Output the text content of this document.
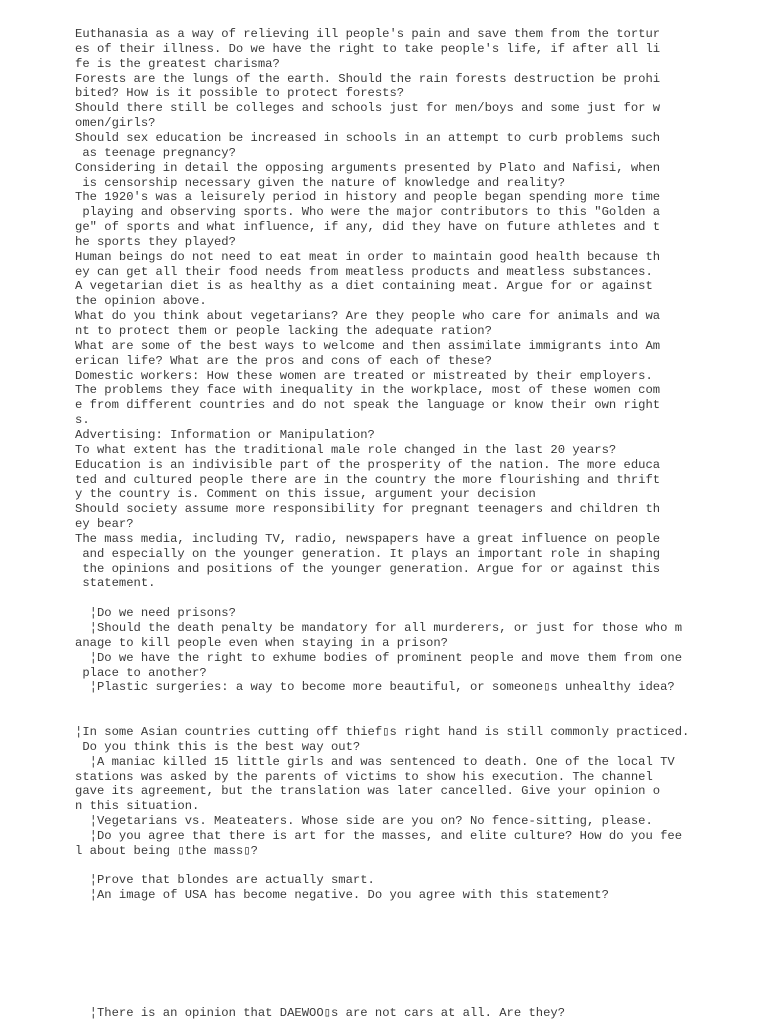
Euthanasia as a way of relieving ill people's pain and save them from the tortur

es of their illness. Do we have the right to take people's life, if after all li

fe is the greatest charisma?

Forests are the lungs of the earth. Should the rain forests destruction be prohi

bited? How is it possible to protect forests?

Should there still be colleges and schools just for men/boys and some just for w

omen/girls?

Should sex education be increased in schools in an attempt to curb problems such

as teenage pregnancy?

Considering in detail the opposing arguments presented by Plato and Nafisi, when

is censorship necessary given the nature of knowledge and reality?

The 1920's was a leisurely period in history and people began spending more time

playing and observing sports. Who were the major contributors to this "Golden a

ge" of sports and what influence, if any, did they have on future athletes and t

he sports they played?

Human beings do not need to eat meat in order to maintain good health because th

ey can get all their food needs from meatless products and meatless substances.

A vegetarian diet is as healthy as a diet containing meat. Argue for or against

the opinion above.

What do you think about vegetarians? Are they people who care for animals and wa

nt to protect them or people lacking the adequate ration?

What are some of the best ways to welcome and then assimilate immigrants into Am

erican life? What are the pros and cons of each of these?

Domestic workers: How these women are treated or mistreated by their employers.

The problems they face with inequality in the workplace, most of these women com

e from different countries and do not speak the language or know their own right

s.

Advertising: Information or Manipulation?

To what extent has the traditional male role changed in the last 20 years?

Education is an indivisible part of the prosperity of the nation. The more educa

ted and cultured people there are in the country the more flourishing and thrift

y the country is. Comment on this issue, argument your decision

Should society assume more responsibility for pregnant teenagers and children th

ey bear?

The mass media, including TV, radio, newspapers have a great influence on people

and especially on the younger generation. It plays an important role in shaping

the opinions and positions of the younger generation. Argue for or against this

statement.

¦Do we need prisons?

¦Should the death penalty be mandatory for all murderers, or just for those who m

anage to kill people even when staying in a prison?

¦Do we have the right to exhume bodies of prominent people and move them from one

place to another?

¦Plastic surgeries: a way to become more beautiful, or someone▯s unhealthy idea?

¦In some Asian countries cutting off thief▯s right hand is still commonly practiced.

Do you think this is the best way out?

¦A maniac killed 15 little girls and was sentenced to death. One of the local TV

stations was asked by the parents of victims to show his execution. The channel

gave its agreement, but the translation was later cancelled. Give your opinion o

n this situation.

¦Vegetarians vs. Meateaters. Whose side are you on? No fence-sitting, please.

¦Do you agree that there is art for the masses, and elite culture? How do you fee

l about being ▯the mass▯?

¦Prove that blondes are actually smart.

¦An image of USA has become negative. Do you agree with this statement?

¦There is an opinion that DAEWOO▯s are not cars at all. Are they?
